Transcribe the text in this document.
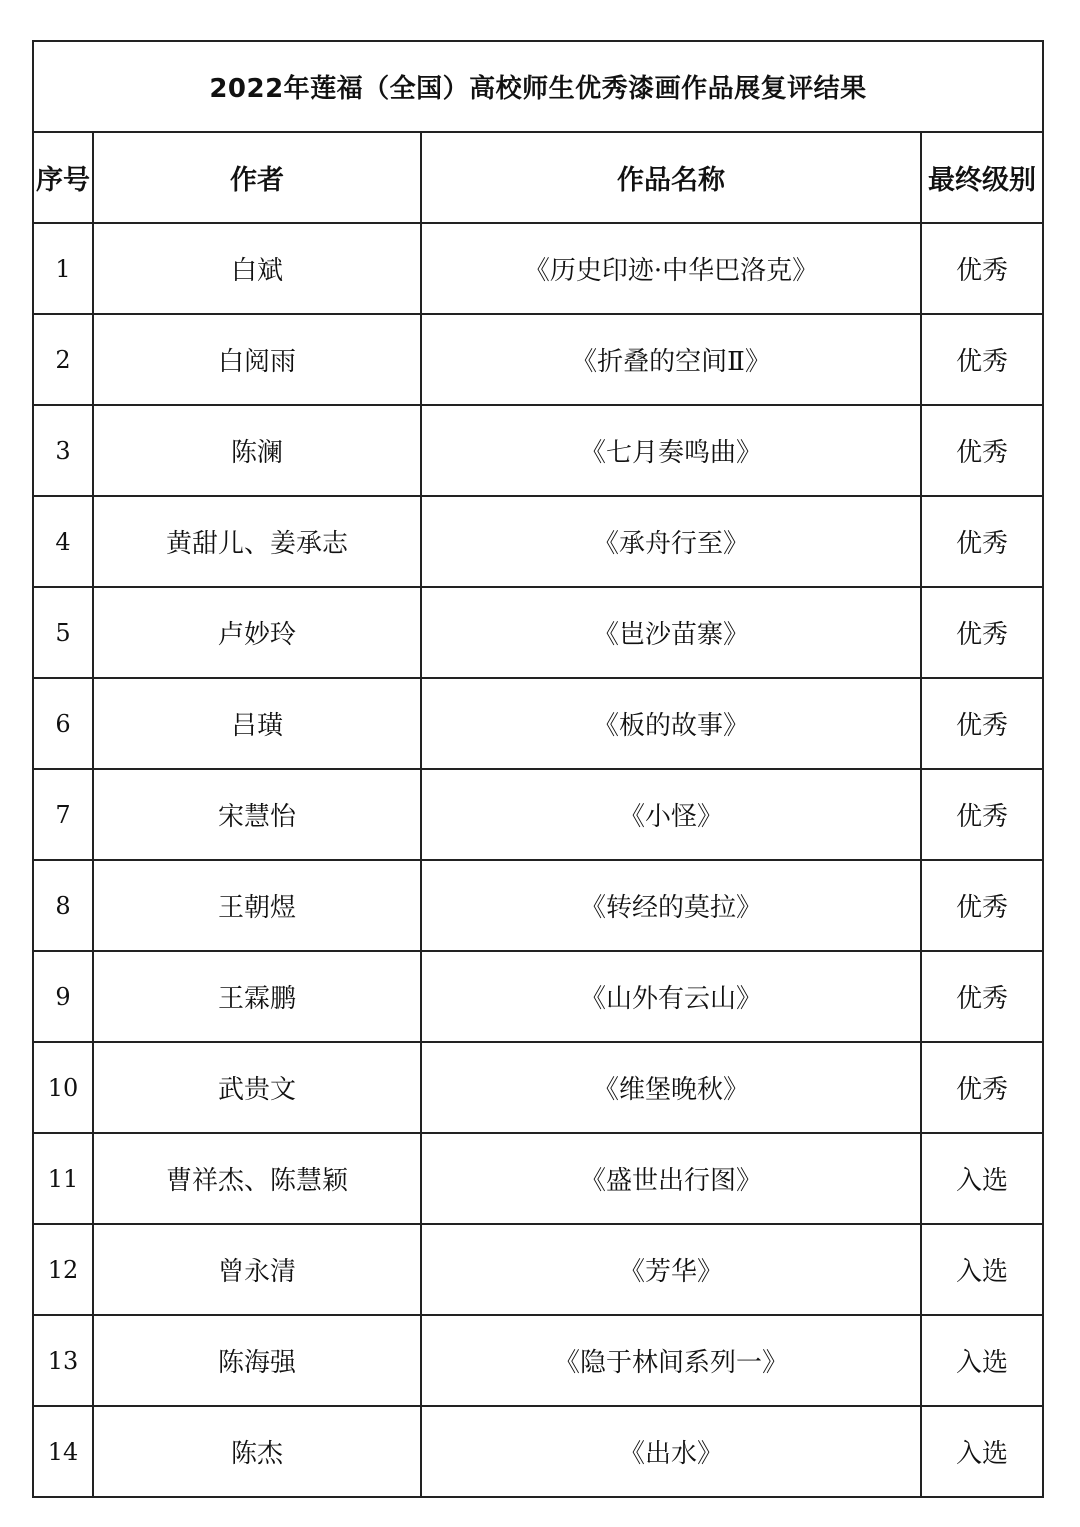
2022年莲福（全国）高校师生优秀漆画作品展复评结果			
序号	作者	作品名称	最终级别
1	白斌	《历史印迹·中华巴洛克》	优秀
2	白阅雨	《折叠的空间Ⅱ》	优秀
3	陈澜	《七月奏鸣曲》	优秀
4	黄甜儿、姜承志	《承舟行至》	优秀
5	卢妙玲	《岜沙苗寨》	优秀
6	吕璜	《板的故事》	优秀
7	宋慧怡	《小怪》	优秀
8	王朝煜	《转经的莫拉》	优秀
9	王霖鹏	《山外有云山》	优秀
10	武贵文	《维堡晚秋》	优秀
11	曹祥杰、陈慧颖	《盛世出行图》	入选
12	曾永清	《芳华》	入选
13	陈海强	《隐于林间系列一》	入选
14	陈杰	《出水》	入选
